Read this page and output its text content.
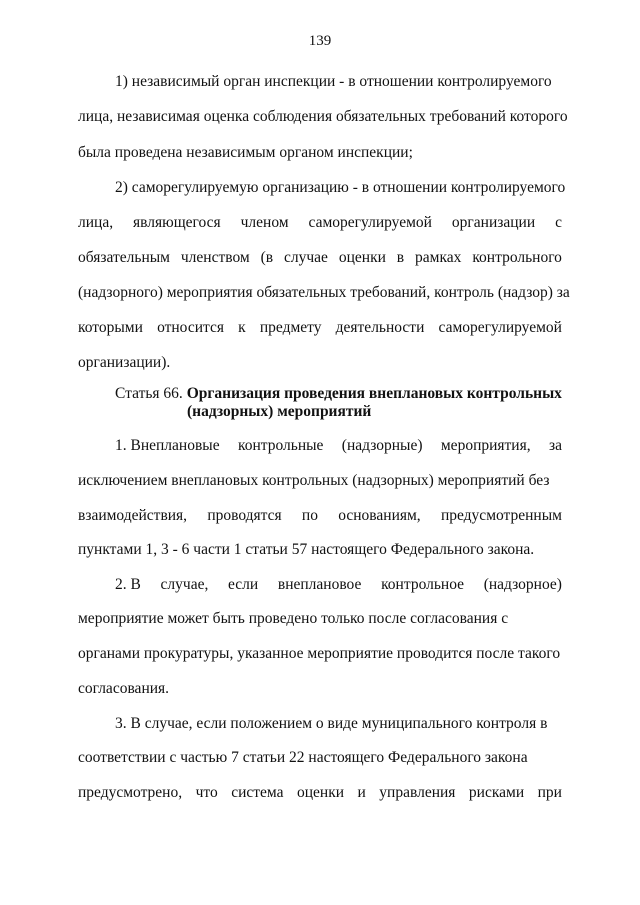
139
1) независимый орган инспекции - в отношении контролируемого
лица, независимая оценка соблюдения обязательных требований которого
была проведена независимым органом инспекции;
2) саморегулируемую организацию - в отношении контролируемого
лица, являющегося членом саморегулируемой организации с
обязательным членством (в случае оценки в рамках контрольного
(надзорного) мероприятия обязательных требований, контроль (надзор) за
которыми относится к предмету деятельности саморегулируемой
организации).
Статья 66. Организация проведения внеплановых контрольных
(надзорных) мероприятий
1. Внеплановые контрольные (надзорные) мероприятия, за
исключением внеплановых контрольных (надзорных) мероприятий без
взаимодействия, проводятся по основаниям, предусмотренным
пунктами 1, 3 - 6 части 1 статьи 57 настоящего Федерального закона.
2. В случае, если внеплановое контрольное (надзорное)
мероприятие может быть проведено только после согласования с
органами прокуратуры, указанное мероприятие проводится после такого
согласования.
3. В случае, если положением о виде муниципального контроля в
соответствии с частью 7 статьи 22 настоящего Федерального закона
предусмотрено, что система оценки и управления рисками при
